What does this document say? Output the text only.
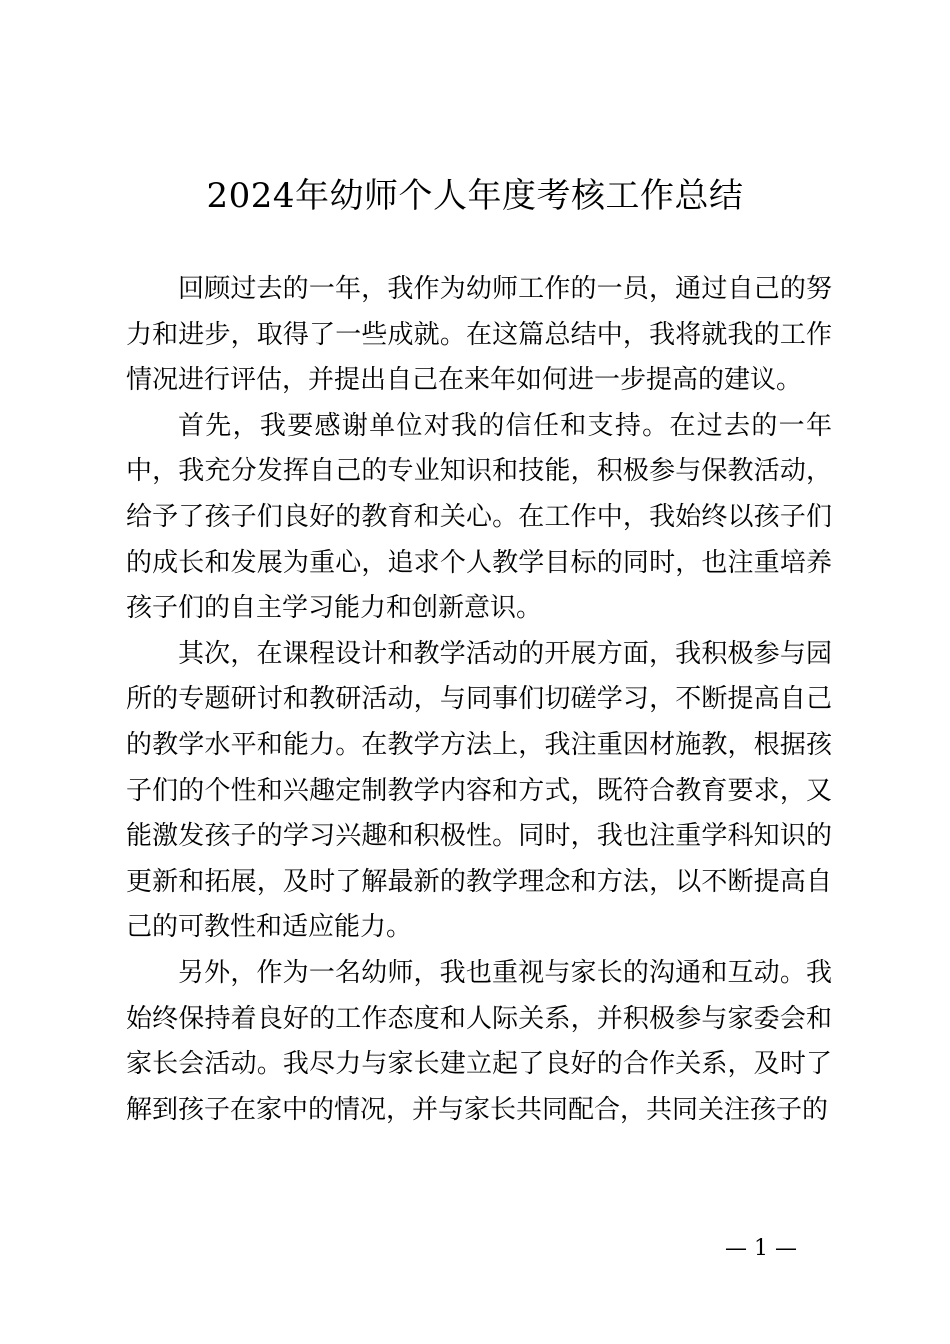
2024年幼师个人年度考核工作总结

回顾过去的一年，我作为幼师工作的一员，通过自己的努力和进步，取得了一些成就。在这篇总结中，我将就我的工作情况进行评估，并提出自己在来年如何进一步提高的建议。

首先，我要感谢单位对我的信任和支持。在过去的一年中，我充分发挥自己的专业知识和技能，积极参与保教活动，给予了孩子们良好的教育和关心。在工作中，我始终以孩子们的成长和发展为重心，追求个人教学目标的同时，也注重培养孩子们的自主学习能力和创新意识。

其次，在课程设计和教学活动的开展方面，我积极参与园所的专题研讨和教研活动，与同事们切磋学习，不断提高自己的教学水平和能力。在教学方法上，我注重因材施教，根据孩子们的个性和兴趣定制教学内容和方式，既符合教育要求，又能激发孩子的学习兴趣和积极性。同时，我也注重学科知识的更新和拓展，及时了解最新的教学理念和方法，以不断提高自己的可教性和适应能力。

另外，作为一名幼师，我也重视与家长的沟通和互动。我始终保持着良好的工作态度和人际关系，并积极参与家委会和家长会活动。我尽力与家长建立起了良好的合作关系，及时了解到孩子在家中的情况，并与家长共同配合，共同关注孩子的

— 1 —
